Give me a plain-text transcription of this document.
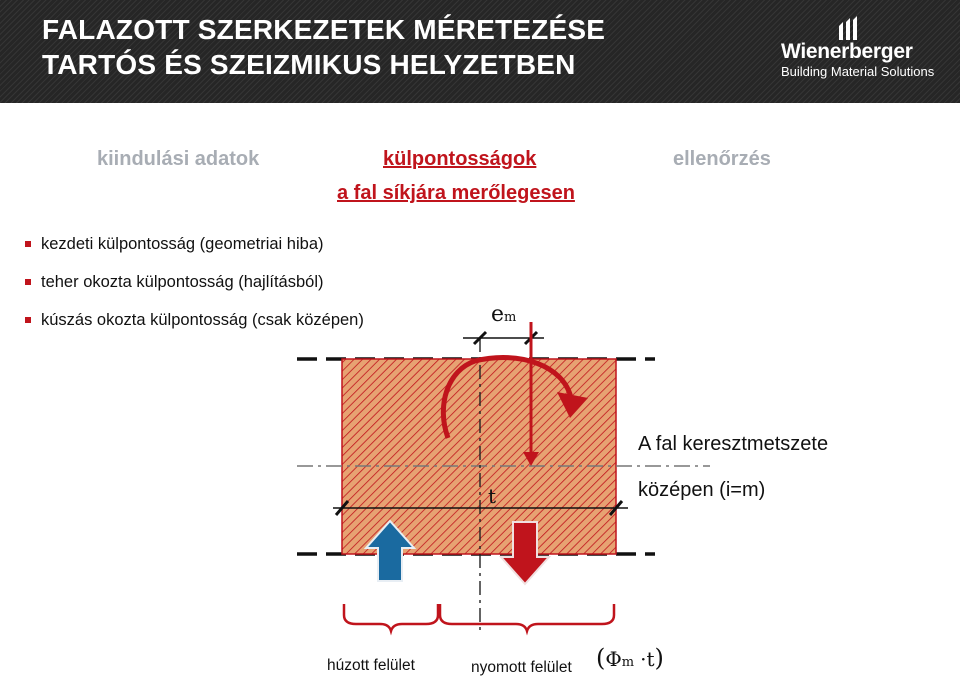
FALAZOTT SZERKEZETEK MÉRETEZÉSE
TARTÓS ÉS SZEIZMIKUS HELYZETBEN	Wienerberger
Building Material Solutions
kiindulási adatok	külpontosságok	ellenőrzés
a fal síkjára merőlegesen
kezdeti külpontosság (geometriai hiba)
teher okozta külpontosság (hajlításból)
kúszás okozta külpontosság (csak középen)	em
t
A fal keresztmetszete
középen (i=m)
húzott felület	nyomott felület (Φm ·t)
